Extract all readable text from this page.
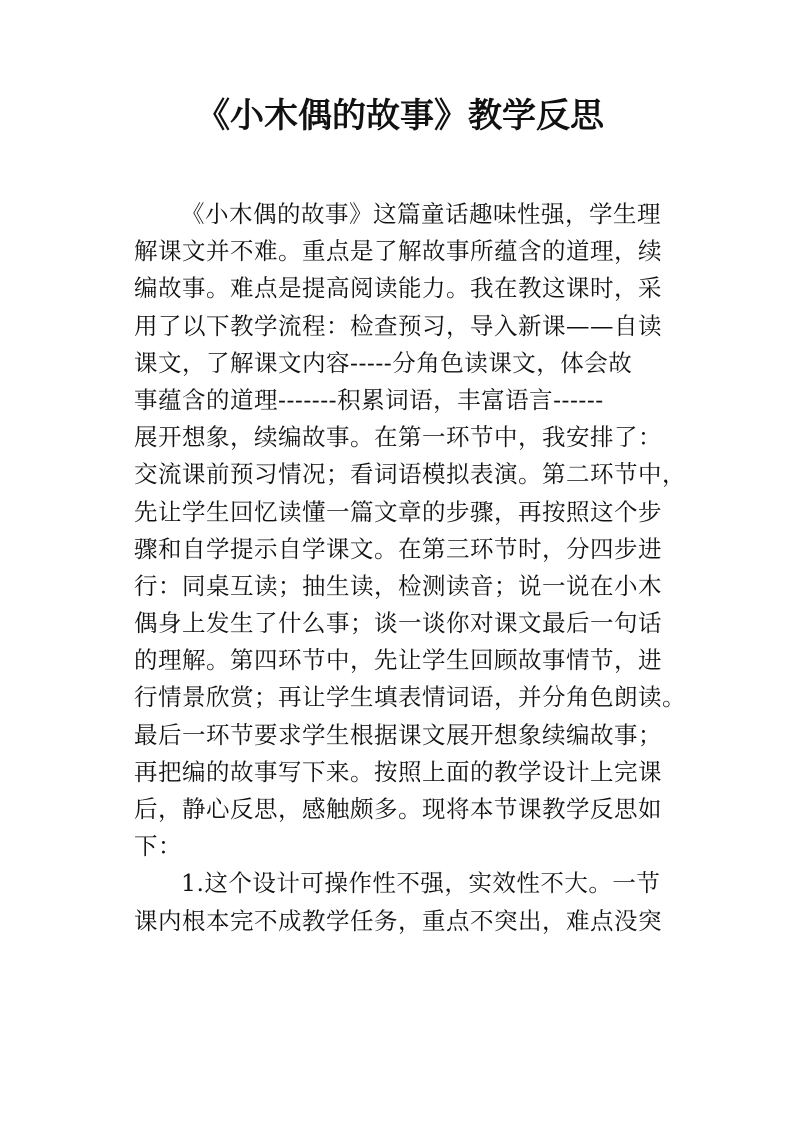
《小木偶的故事》教学反思
《小木偶的故事》这篇童话趣味性强，学生理
解课文并不难。重点是了解故事所蕴含的道理，续
编故事。难点是提高阅读能力。我在教这课时，采
用了以下教学流程：检查预习，导入新课——自读
课文，了解课文内容-----分角色读课文，体会故
事蕴含的道理-------积累词语，丰富语言------
展开想象，续编故事。在第一环节中，我安排了：
交流课前预习情况；看词语模拟表演。第二环节中，
先让学生回忆读懂一篇文章的步骤，再按照这个步
骤和自学提示自学课文。在第三环节时，分四步进
行：同桌互读；抽生读，检测读音；说一说在小木
偶身上发生了什么事；谈一谈你对课文最后一句话
的理解。第四环节中，先让学生回顾故事情节，进
行情景欣赏；再让学生填表情词语，并分角色朗读。
最后一环节要求学生根据课文展开想象续编故事；
再把编的故事写下来。按照上面的教学设计上完课
后，静心反思，感触颇多。现将本节课教学反思如
下：
1.这个设计可操作性不强，实效性不大。一节
课内根本完不成教学任务，重点不突出，难点没突
